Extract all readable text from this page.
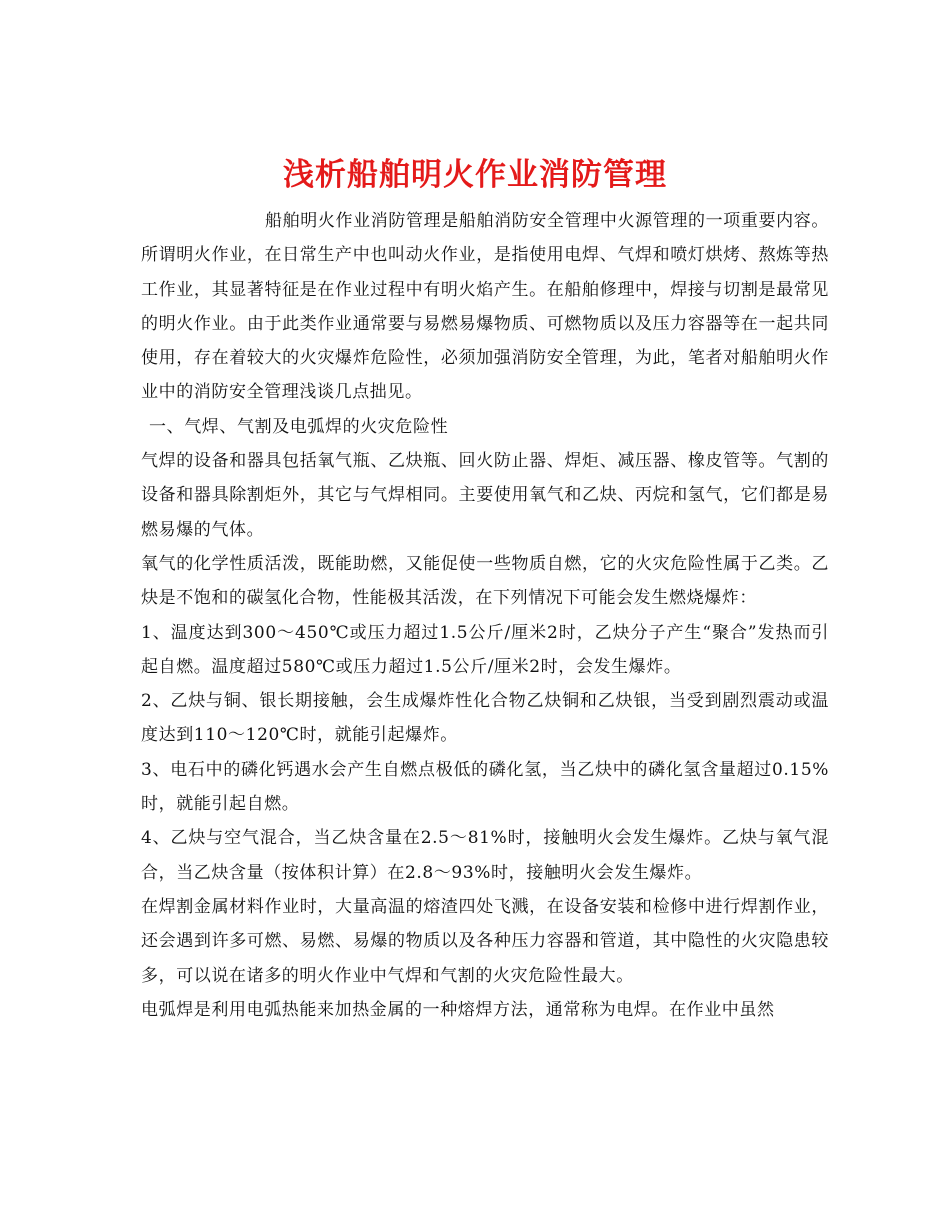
浅析船舶明火作业消防管理

船舶明火作业消防管理是船舶消防安全管理中火源管理的一项重要内容。所谓明火作业，在日常生产中也叫动火作业，是指使用电焊、气焊和喷灯烘烤、熬炼等热工作业，其显著特征是在作业过程中有明火焰产生。在船舶修理中，焊接与切割是最常见的明火作业。由于此类作业通常要与易燃易爆物质、可燃物质以及压力容器等在一起共同使用，存在着较大的火灾爆炸危险性，必须加强消防安全管理，为此，笔者对船舶明火作业中的消防安全管理浅谈几点拙见。

一、气焊、气割及电弧焊的火灾危险性

气焊的设备和器具包括氧气瓶、乙炔瓶、回火防止器、焊炬、减压器、橡皮管等。气割的设备和器具除割炬外，其它与气焊相同。主要使用氧气和乙炔、丙烷和氢气，它们都是易燃易爆的气体。

氧气的化学性质活泼，既能助燃，又能促使一些物质自燃，它的火灾危险性属于乙类。乙炔是不饱和的碳氢化合物，性能极其活泼，在下列情况下可能会发生燃烧爆炸：

1、温度达到300～450℃或压力超过1.5公斤/厘米2时，乙炔分子产生“聚合”发热而引起自燃。温度超过580℃或压力超过1.5公斤/厘米2时，会发生爆炸。

2、乙炔与铜、银长期接触，会生成爆炸性化合物乙炔铜和乙炔银，当受到剧烈震动或温度达到110～120℃时，就能引起爆炸。

3、电石中的磷化钙遇水会产生自燃点极低的磷化氢，当乙炔中的磷化氢含量超过0.15%时，就能引起自燃。

4、乙炔与空气混合，当乙炔含量在2.5～81%时，接触明火会发生爆炸。乙炔与氧气混合，当乙炔含量（按体积计算）在2.8～93%时，接触明火会发生爆炸。

在焊割金属材料作业时，大量高温的熔渣四处飞溅，在设备安装和检修中进行焊割作业，还会遇到许多可燃、易燃、易爆的物质以及各种压力容器和管道，其中隐性的火灾隐患较多，可以说在诸多的明火作业中气焊和气割的火灾危险性最大。

电弧焊是利用电弧热能来加热金属的一种熔焊方法，通常称为电焊。在作业中虽然
